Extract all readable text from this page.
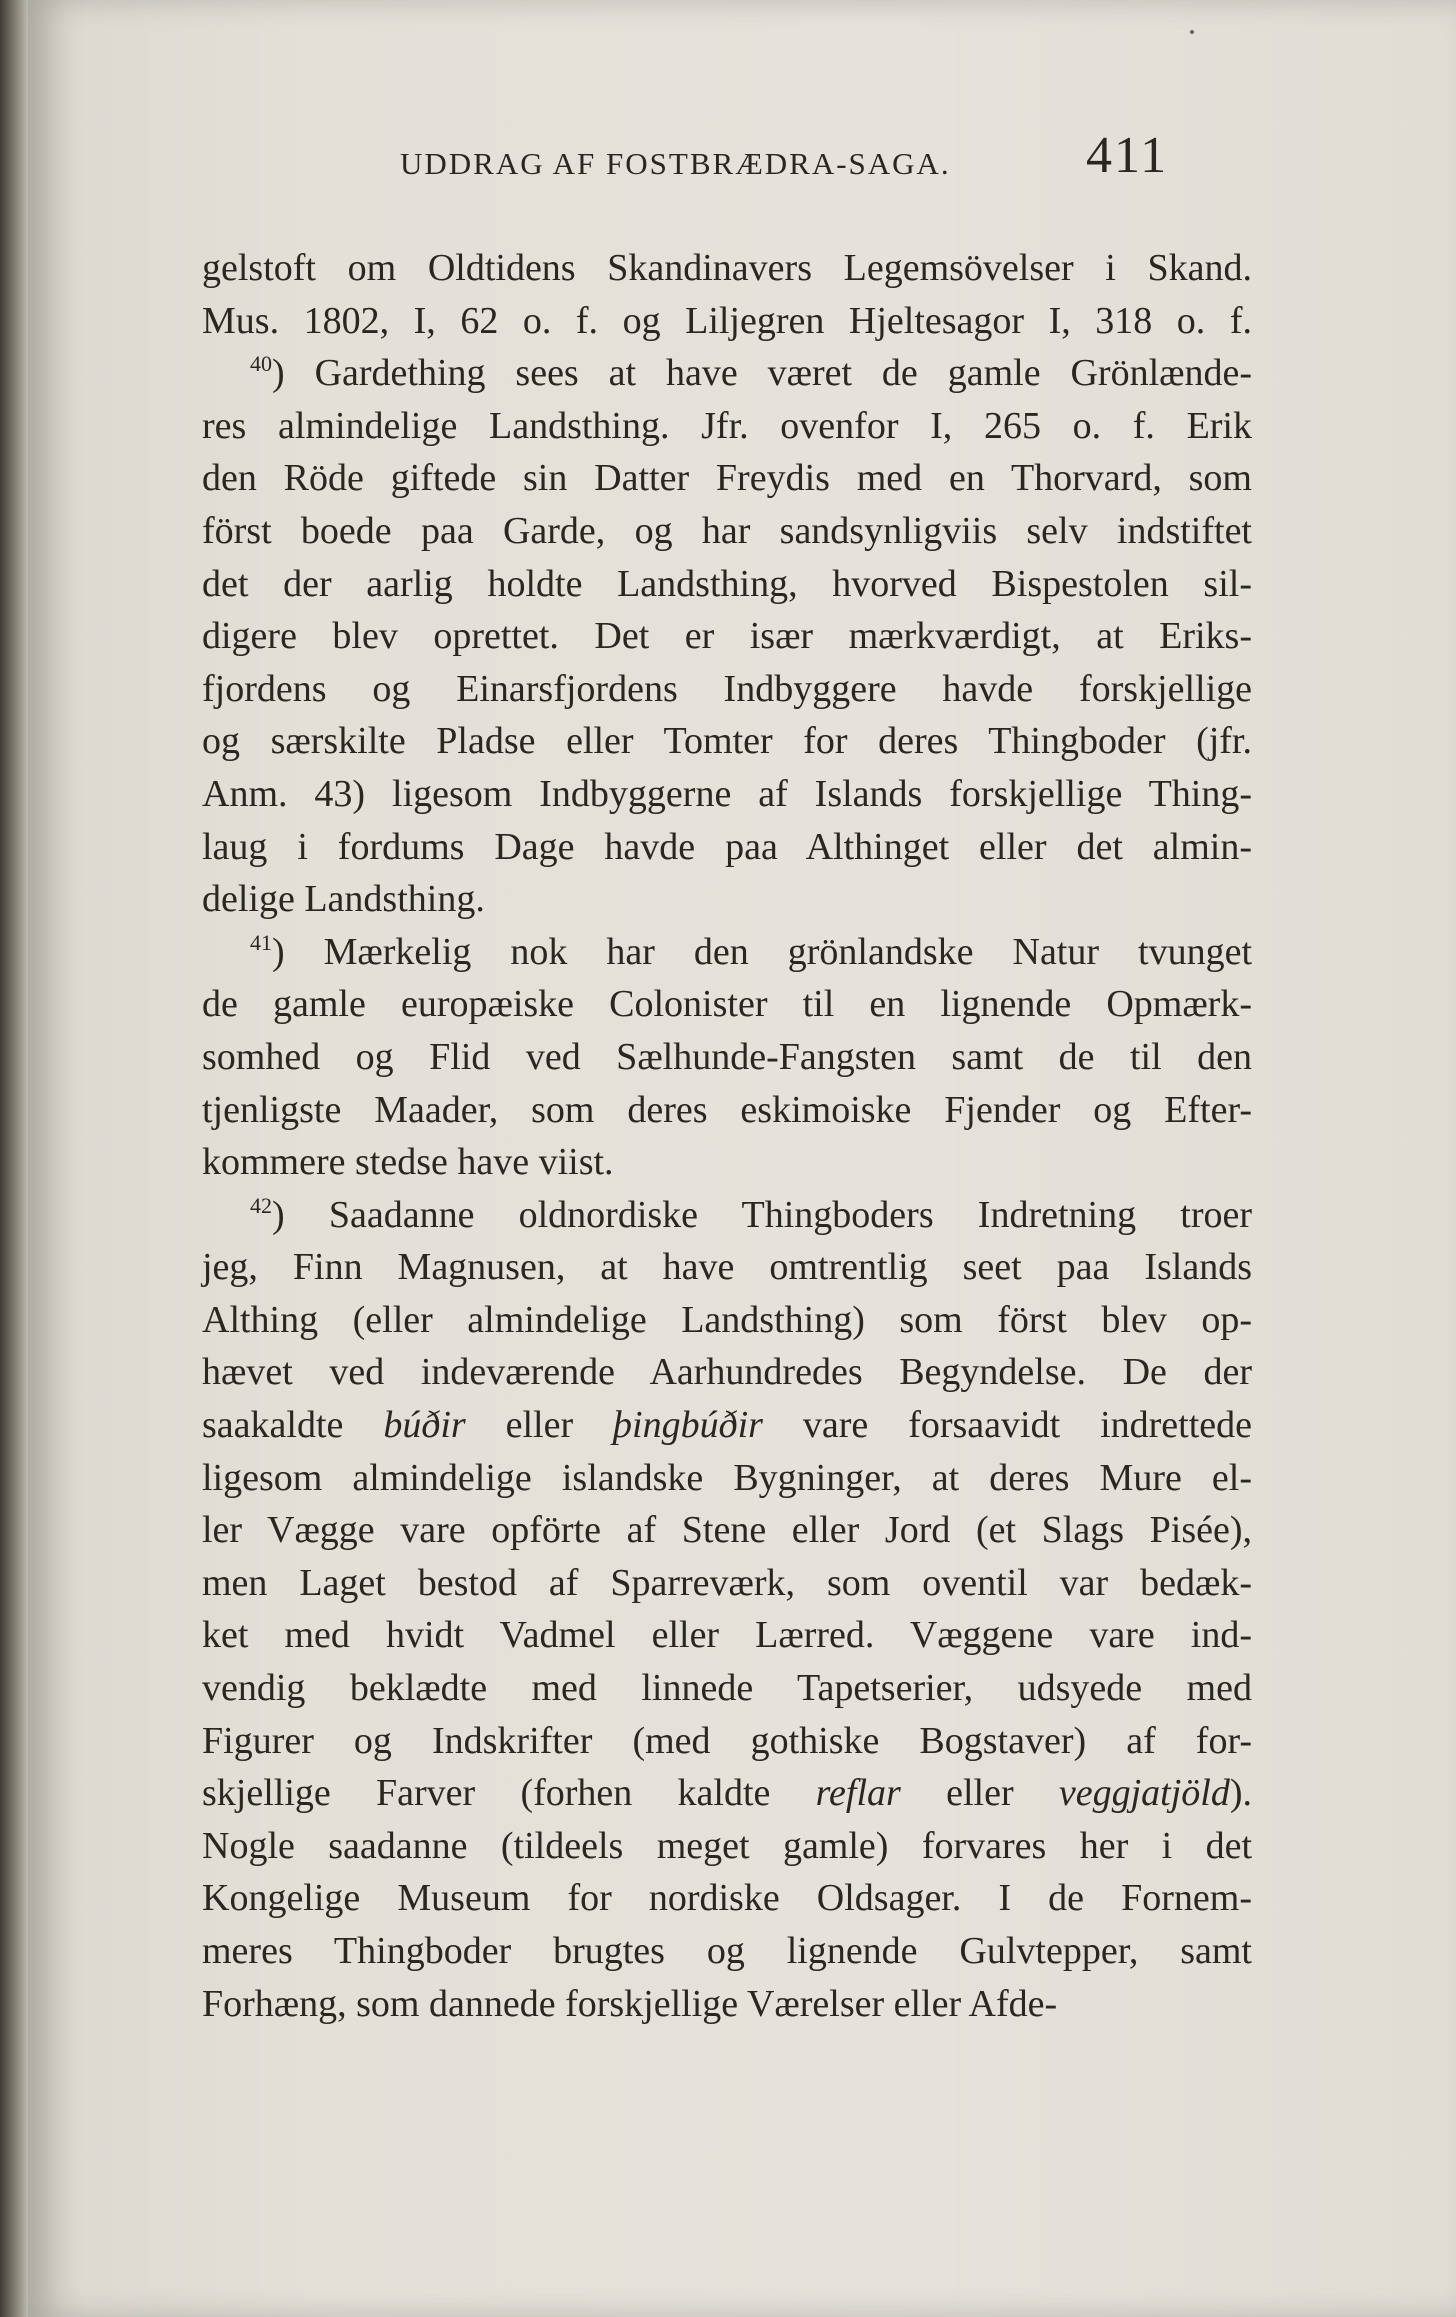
UDDRAG AF FOSTBRÆDRA-SAGA.	411
gelstoft om Oldtidens Skandinavers Legemsövelser i Skand.
Mus. 1802, I, 62 o. f. og Liljegren Hjeltesagor I, 318 o. f.
$^{40}$) Gardething sees at have været de gamle Grönlænde-
res almindelige Landsthing. Jfr. ovenfor I, 265 o. f. Erik
den Röde giftede sin Datter Freydis med en Thorvard, som
först boede paa Garde, og har sandsynligviis selv indstiftet
det der aarlig holdte Landsthing, hvorved Bispestolen sil-
digere blev oprettet. Det er især mærkværdigt, at Eriks-
fjordens og Einarsfjordens Indbyggere havde forskjellige
og særskilte Pladse eller Tomter for deres Thingboder (jfr.
Anm. 43) ligesom Indbyggerne af Islands forskjellige Thing-
laug i fordums Dage havde paa Althinget eller det almin-
delige Landsthing.
$^{41}$) Mærkelig nok har den grönlandske Natur tvunget
de gamle europæiske Colonister til en lignende Opmærk-
somhed og Flid ved Sælhunde-Fangsten samt de til den
tjenligste Maader, som deres eskimoiske Fjender og Efter-
kommere stedse have viist.
$^{42}$) Saadanne oldnordiske Thingboders Indretning troer
jeg, Finn Magnusen, at have omtrentlig seet paa Islands
Althing (eller almindelige Landsthing) som först blev op-
hævet ved indeværende Aarhundredes Begyndelse. De der
saakaldte búðir eller þingbúðir vare forsaavidt indrettede
ligesom almindelige islandske Bygninger, at deres Mure el-
ler Vægge vare opförte af Stene eller Jord (et Slags Pisée),
men Laget bestod af Sparreværk, som oventil var bedæk-
ket med hvidt Vadmel eller Lærred. Væggene vare ind-
vendig beklædte med linnede Tapetserier, udsyede med
Figurer og Indskrifter (med gothiske Bogstaver) af for-
skjellige Farver (forhen kaldte reflar eller veggjatjöld).
Nogle saadanne (tildeels meget gamle) forvares her i det
Kongelige Museum for nordiske Oldsager. I de Fornem-
meres Thingboder brugtes og lignende Gulvtepper, samt
Forhæng, som dannede forskjellige Værelser eller Afde-
